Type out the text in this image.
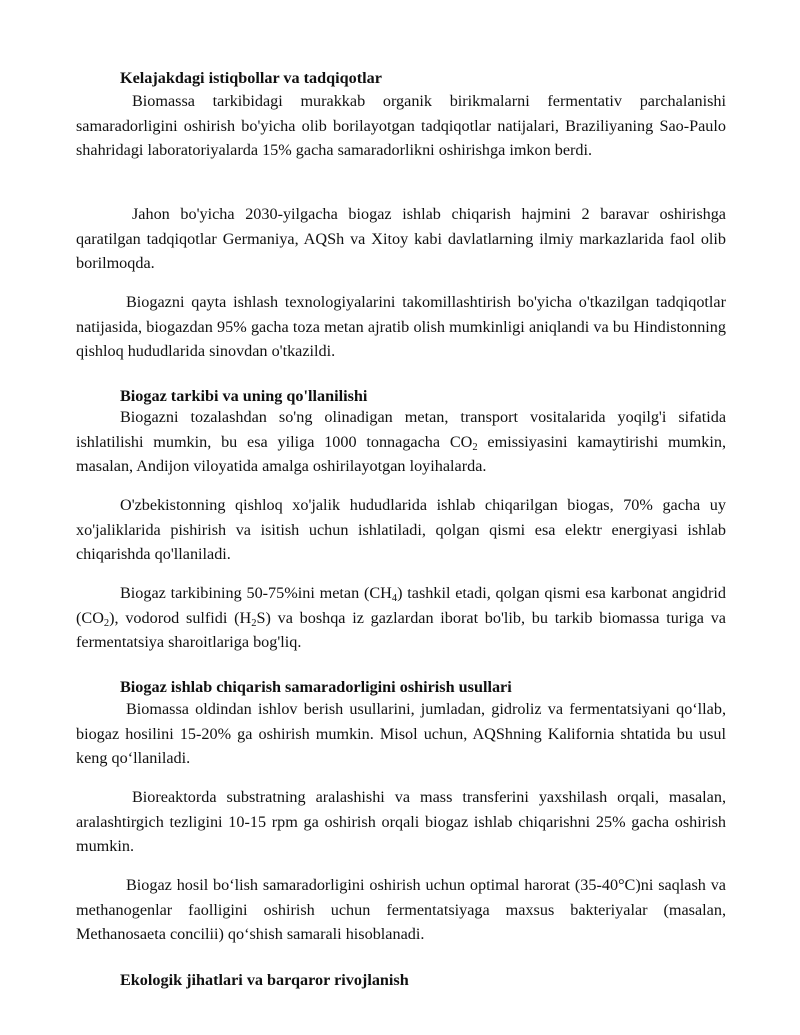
Kelajakdagi istiqbollar va tadqiqotlar

Biomassa tarkibidagi murakkab organik birikmalarni fermentativ parchalanishi samaradorligini oshirish bo'yicha olib borilayotgan tadqiqotlar natijalari, Braziliyaning Sao-Paulo shahridagi laboratoriyalarda 15% gacha samaradorlikni oshirishga imkon berdi.

Jahon bo'yicha 2030-yilgacha biogaz ishlab chiqarish hajmini 2 baravar oshirishga qaratilgan tadqiqotlar Germaniya, AQSh va Xitoy kabi davlatlarning ilmiy markazlarida faol olib borilmoqda.

Biogazni qayta ishlash texnologiyalarini takomillashtirish bo'yicha o'tkazilgan tadqiqotlar natijasida, biogazdan 95% gacha toza metan ajratib olish mumkinligi aniqlandi va bu Hindistonning qishloq hududlarida sinovdan o'tkazildi.

Biogaz tarkibi va uning qo'llanilishi

Biogazni tozalashdan so'ng olinadigan metan, transport vositalarida yoqilg'i sifatida ishlatilishi mumkin, bu esa yiliga 1000 tonnagacha $CO_2$ emissiyasini kamaytirishi mumkin, masalan, Andijon viloyatida amalga oshirilayotgan loyihalarda.

O'zbekistonning qishloq xo'jalik hududlarida ishlab chiqarilgan biogas, 70% gacha uy xo'jaliklarida pishirish va isitish uchun ishlatiladi, qolgan qismi esa elektr energiyasi ishlab chiqarishda qo'llaniladi.

Biogaz tarkibining 50-75%ini metan $(CH_4)$ tashkil etadi, qolgan qismi esa karbonat angidrid $(CO_2)$, vodorod sulfidi $(H_2S)$ va boshqa iz gazlardan iborat bo'lib, bu tarkib biomassa turiga va fermentatsiya sharoitlariga bog'liq.

Biogaz ishlab chiqarish samaradorligini oshirish usullari

Biomassa oldindan ishlov berish usullarini, jumladan, gidroliz va fermentatsiyani qo‘llab, biogaz hosilini 15-20% ga oshirish mumkin. Misol uchun, AQShning Kalifornia shtatida bu usul keng qo‘llaniladi.

Bioreaktorda substratning aralashishi va mass transferini yaxshilash orqali, masalan, aralashtirgich tezligini 10-15 rpm ga oshirish orqali biogaz ishlab chiqarishni 25% gacha oshirish mumkin.

Biogaz hosil bo‘lish samaradorligini oshirish uchun optimal harorat (35-40°C)ni saqlash va methanogenlar faolligini oshirish uchun fermentatsiyaga maxsus bakteriyalar (masalan, Methanosaeta concilii) qo‘shish samarali hisoblanadi.

Ekologik jihatlari va barqaror rivojlanish
